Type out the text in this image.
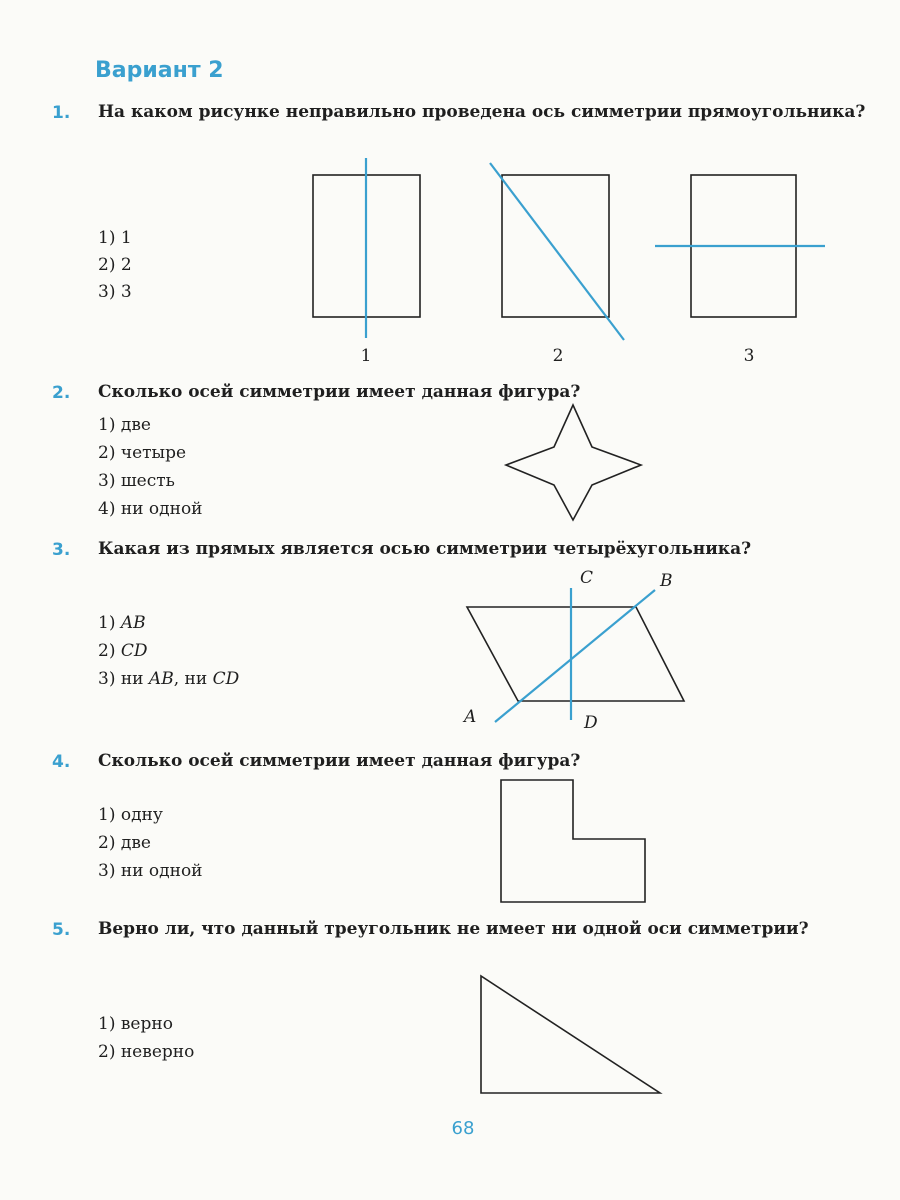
Вариант 2
1. На каком рисунке неправильно проведена ось симметрии прямоугольника?
1) 1
2) 2
3) 3
1	2	3
2. Сколько осей симметрии имеет данная фигура?
1) две
2) четыре
3) шесть
4) ни одной
3. Какая из прямых является осью симметрии четырёхугольника?
1) AB
2) CD
3) ни AB, ни CD
C	B
A	D
4. Сколько осей симметрии имеет данная фигура?
1) одну
2) две
3) ни одной
5. Верно ли, что данный треугольник не имеет ни одной оси симметрии?
1) верно
2) неверно
68
